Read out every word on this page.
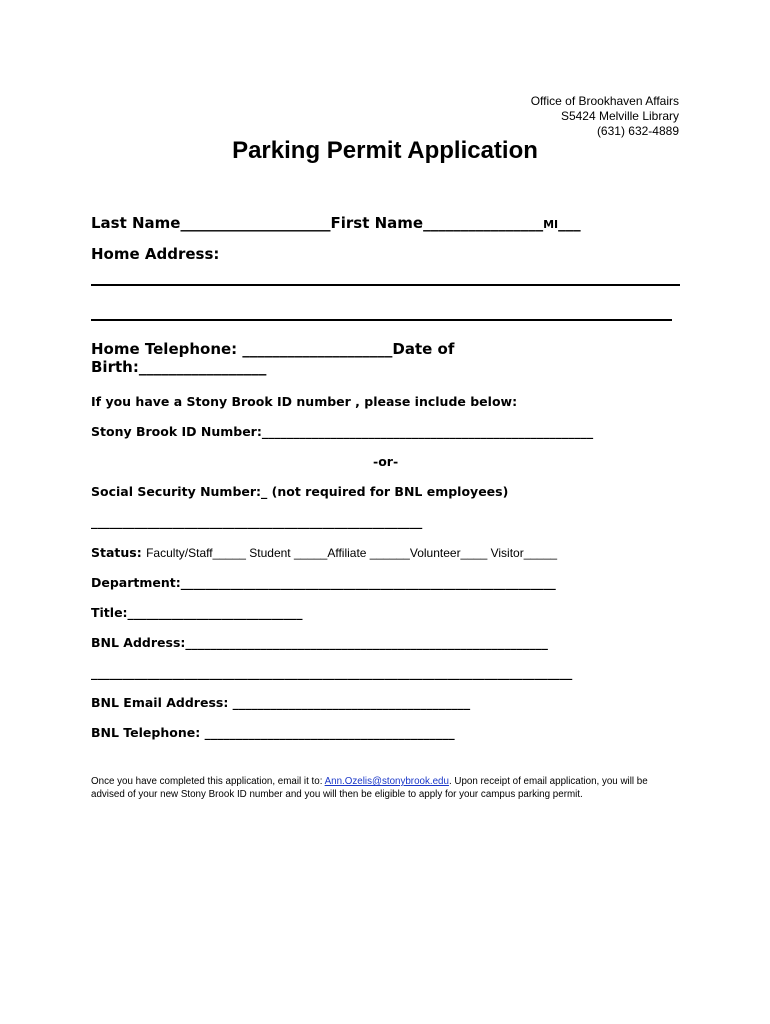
Office of Brookhaven Affairs
S5424 Melville Library
(631) 632-4889
Parking Permit Application
Last Name____________________First Name________________MI___
Home Address:
Home Telephone: ____________________Date of
Birth:_________________
If you have a Stony Brook ID number , please include below:
Stony Brook ID Number:_____________________________________________________
-or-
Social Security Number:_ (not required for BNL employees)
_____________________________________________________
Status: Faculty/Staff_____ Student _____Affiliate ______Volunteer____ Visitor_____
Department:____________________________________________________________
Title:____________________________
BNL Address:__________________________________________________________
_____________________________________________________________________________
BNL Email Address: ______________________________________
BNL Telephone: ________________________________________
Once you have completed this application, email it to: Ann.Ozelis@stonybrook.edu. Upon receipt of email application, you will be advised of your new Stony Brook ID number and you will then be eligible to apply for your campus parking permit.
